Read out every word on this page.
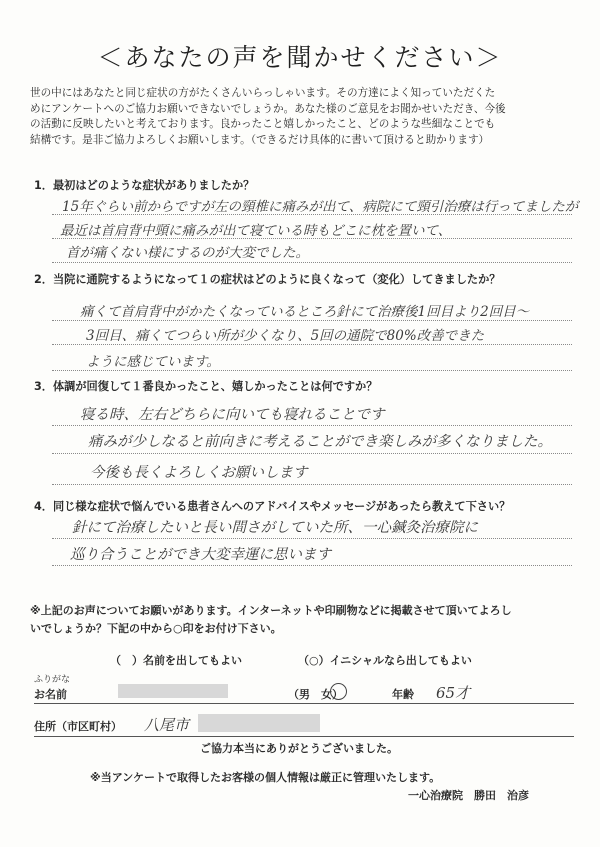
＜あなたの声を聞かせください＞
世の中にはあなたと同じ症状の方がたくさんいらっしゃいます。その方達によく知っていただくた
めにアンケートへのご協力お願いできないでしょうか。あなた様のご意見をお聞かせいただき、今後
の活動に反映したいと考えております。良かったこと嬉しかったこと、どのような些細なことでも
結構です。是非ご協力よろしくお願いします。（できるだけ具体的に書いて頂けると助かります）
1．最初はどのような症状がありましたか？
15年ぐらい前からですが左の頸椎に痛みが出て、病院にて頸引治療は行ってましたが
最近は首肩背中頸に痛みが出て寝ている時もどこに枕を置いて、
首が痛くない様にするのが大変でした。
2．当院に通院するようになって１の症状はどのように良くなって（変化）してきましたか？
痛くて首肩背中がかたくなっているところ針にて治療後1回目より2回目〜
3回目、痛くてつらい所が少くなり、5回の通院で80%改善できた
ように感じています。
3．体調が回復して１番良かったこと、嬉しかったことは何ですか？
寝る時、左右どちらに向いても寝れることです
痛みが少しなると前向きに考えることができ楽しみが多くなりました。
今後も長くよろしくお願いします
4．同じ様な症状で悩んでいる患者さんへのアドバイスやメッセージがあったら教えて下さい？
針にて治療したいと長い間さがしていた所、一心鍼灸治療院に
巡り合うことができ大変幸運に思います
※上記のお声についてお願いがあります。インターネットや印刷物などに掲載させて頂いてよろし
いでしょうか？下記の中から○印をお付け下さい。
（　）名前を出してもよい	（○）イニシャルなら出してもよい
ふりがな
お名前	（男　女）	年齢 65才
住所（市区町村） 八尾市
ご協力本当にありがとうございました。
※当アンケートで取得したお客様の個人情報は厳正に管理いたします。
一心治療院　勝田　治彦
